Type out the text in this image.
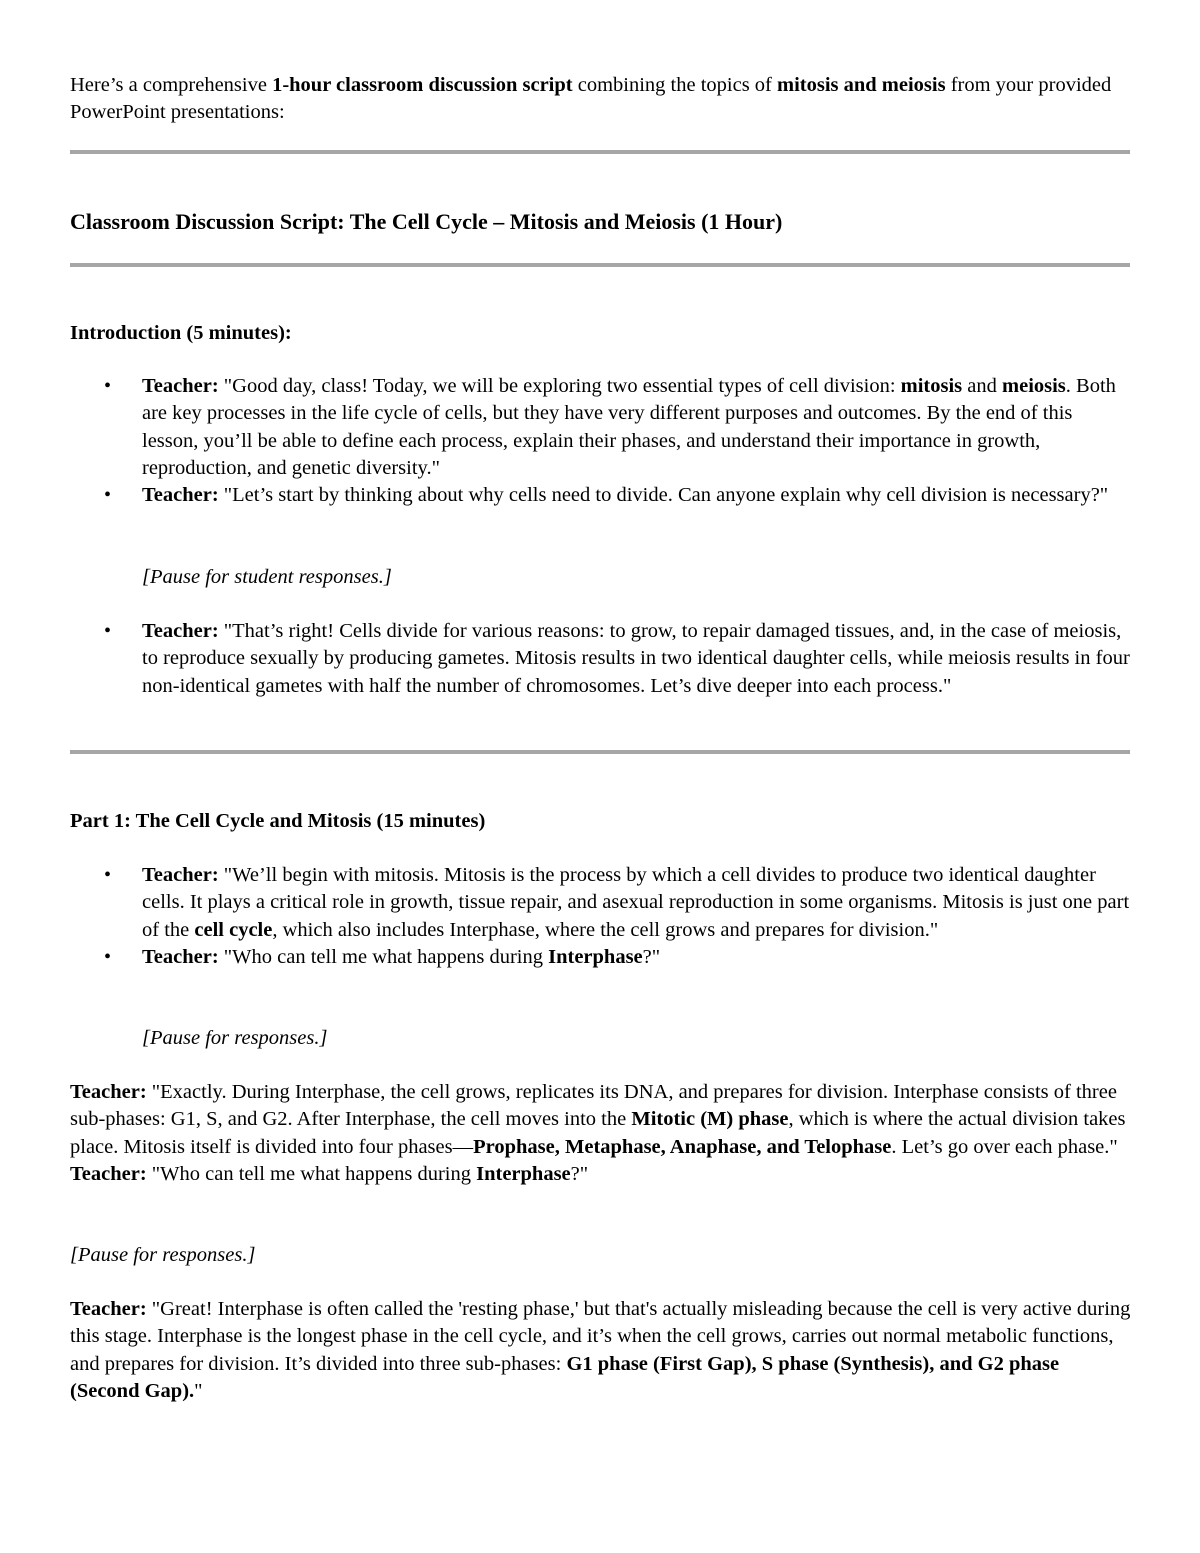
Here’s a comprehensive 1-hour classroom discussion script combining the topics of mitosis and meiosis from your provided PowerPoint presentations:

Classroom Discussion Script: The Cell Cycle – Mitosis and Meiosis (1 Hour)

Introduction (5 minutes):

• Teacher: "Good day, class! Today, we will be exploring two essential types of cell division: mitosis and meiosis. Both are key processes in the life cycle of cells, but they have very different purposes and outcomes. By the end of this lesson, you’ll be able to define each process, explain their phases, and understand their importance in growth, reproduction, and genetic diversity."
• Teacher: "Let’s start by thinking about why cells need to divide. Can anyone explain why cell division is necessary?"

[Pause for student responses.]

• Teacher: "That’s right! Cells divide for various reasons: to grow, to repair damaged tissues, and, in the case of meiosis, to reproduce sexually by producing gametes. Mitosis results in two identical daughter cells, while meiosis results in four non-identical gametes with half the number of chromosomes. Let’s dive deeper into each process."

Part 1: The Cell Cycle and Mitosis (15 minutes)

• Teacher: "We’ll begin with mitosis. Mitosis is the process by which a cell divides to produce two identical daughter cells. It plays a critical role in growth, tissue repair, and asexual reproduction in some organisms. Mitosis is just one part of the cell cycle, which also includes Interphase, where the cell grows and prepares for division."
• Teacher: "Who can tell me what happens during Interphase?"

[Pause for responses.]

Teacher: "Exactly. During Interphase, the cell grows, replicates its DNA, and prepares for division. Interphase consists of three sub-phases: G1, S, and G2. After Interphase, the cell moves into the Mitotic (M) phase, which is where the actual division takes place. Mitosis itself is divided into four phases—Prophase, Metaphase, Anaphase, and Telophase. Let’s go over each phase." Teacher: "Who can tell me what happens during Interphase?"

[Pause for responses.]

Teacher: "Great! Interphase is often called the 'resting phase,' but that's actually misleading because the cell is very active during this stage. Interphase is the longest phase in the cell cycle, and it’s when the cell grows, carries out normal metabolic functions, and prepares for division. It’s divided into three sub-phases: G1 phase (First Gap), S phase (Synthesis), and G2 phase (Second Gap)."
